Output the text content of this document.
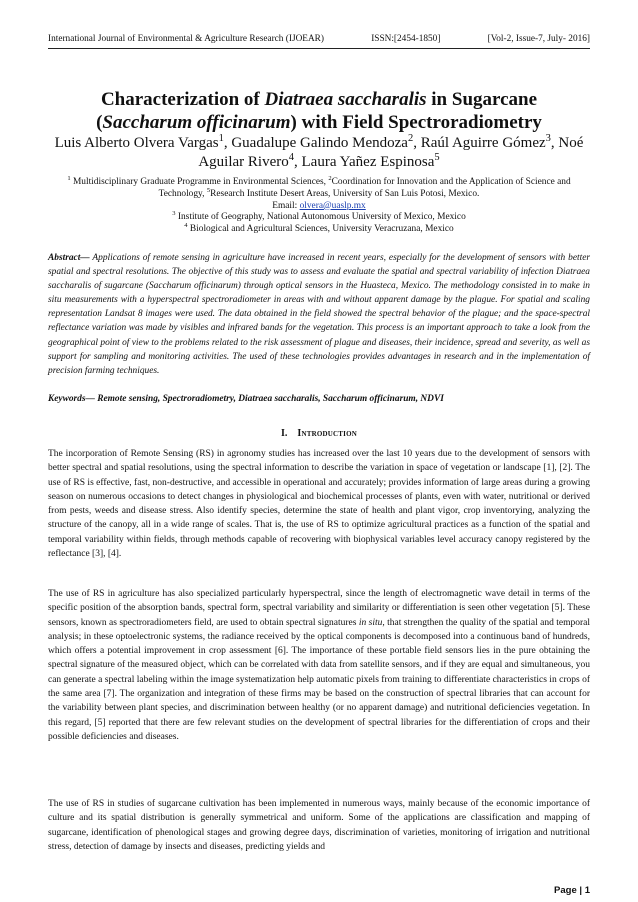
International Journal of Environmental & Agriculture Research (IJOEAR)	ISSN:[2454-1850]	[Vol-2, Issue-7, July- 2016]
Characterization of Diatraea saccharalis in Sugarcane
(Saccharum officinarum) with Field Spectroradiometry
Luis Alberto Olvera Vargas$^1$, Guadalupe Galindo Mendoza$^2$, Raúl Aguirre Gómez$^3$, Noé Aguilar Rivero$^4$, Laura Yañez Espinosa$^5$
$^1$ Multidisciplinary Graduate Programme in Environmental Sciences, $^2$Coordination for Innovation and the Application of Science and Technology, $^5$Research Institute Desert Areas, University of San Luis Potosi, Mexico.
Email: olvera@uaslp.mx
$^3$ Institute of Geography, National Autonomous University of Mexico, Mexico
$^4$ Biological and Agricultural Sciences, University Veracruzana, Mexico
Abstract— Applications of remote sensing in agriculture have increased in recent years, especially for the development of sensors with better spatial and spectral resolutions. The objective of this study was to assess and evaluate the spatial and spectral variability of infection Diatraea saccharalis of sugarcane (Saccharum officinarum) through optical sensors in the Huasteca, Mexico. The methodology consisted in to make in situ measurements with a hyperspectral spectroradiometer in areas with and without apparent damage by the plague. For spatial and scaling representation Landsat 8 images were used. The data obtained in the field showed the spectral behavior of the plague; and the space-spectral reflectance variation was made by visibles and infrared bands for the vegetation. This process is an important approach to take a look from the geographical point of view to the problems related to the risk assessment of plague and diseases, their incidence, spread and severity, as well as support for sampling and monitoring activities. The used of these technologies provides advantages in research and in the implementation of precision farming techniques.
Keywords— Remote sensing, Spectroradiometry, Diatraea saccharalis, Saccharum officinarum, NDVI
I. Introduction
The incorporation of Remote Sensing (RS) in agronomy studies has increased over the last 10 years due to the development of sensors with better spectral and spatial resolutions, using the spectral information to describe the variation in space of vegetation or landscape [1], [2]. The use of RS is effective, fast, non-destructive, and accessible in operational and accurately; provides information of large areas during a growing season on numerous occasions to detect changes in physiological and biochemical processes of plants, even with water, nutritional or derived from pests, weeds and disease stress. Also identify species, determine the state of health and plant vigor, crop inventorying, analyzing the structure of the canopy, all in a wide range of scales. That is, the use of RS to optimize agricultural practices as a function of the spatial and temporal variability within fields, through methods capable of recovering with biophysical variables level accuracy canopy registered by the reflectance [3], [4].
The use of RS in agriculture has also specialized particularly hyperspectral, since the length of electromagnetic wave detail in terms of the specific position of the absorption bands, spectral form, spectral variability and similarity or differentiation is seen other vegetation [5]. These sensors, known as spectroradiometers field, are used to obtain spectral signatures in situ, that strengthen the quality of the spatial and temporal analysis; in these optoelectronic systems, the radiance received by the optical components is decomposed into a continuous band of hundreds, which offers a potential improvement in crop assessment [6]. The importance of these portable field sensors lies in the pure obtaining the spectral signature of the measured object, which can be correlated with data from satellite sensors, and if they are equal and simultaneous, you can generate a spectral labeling within the image systematization help automatic pixels from training to differentiate characteristics in crops of the same area [7]. The organization and integration of these firms may be based on the construction of spectral libraries that can account for the variability between plant species, and discrimination between healthy (or no apparent damage) and nutritional deficiencies vegetation. In this regard, [5] reported that there are few relevant studies on the development of spectral libraries for the differentiation of crops and their possible deficiencies and diseases.
The use of RS in studies of sugarcane cultivation has been implemented in numerous ways, mainly because of the economic importance of culture and its spatial distribution is generally symmetrical and uniform. Some of the applications are classification and mapping of sugarcane, identification of phenological stages and growing degree days, discrimination of varieties, monitoring of irrigation and nutritional stress, detection of damage by insects and diseases, predicting yields and
Page | 1
